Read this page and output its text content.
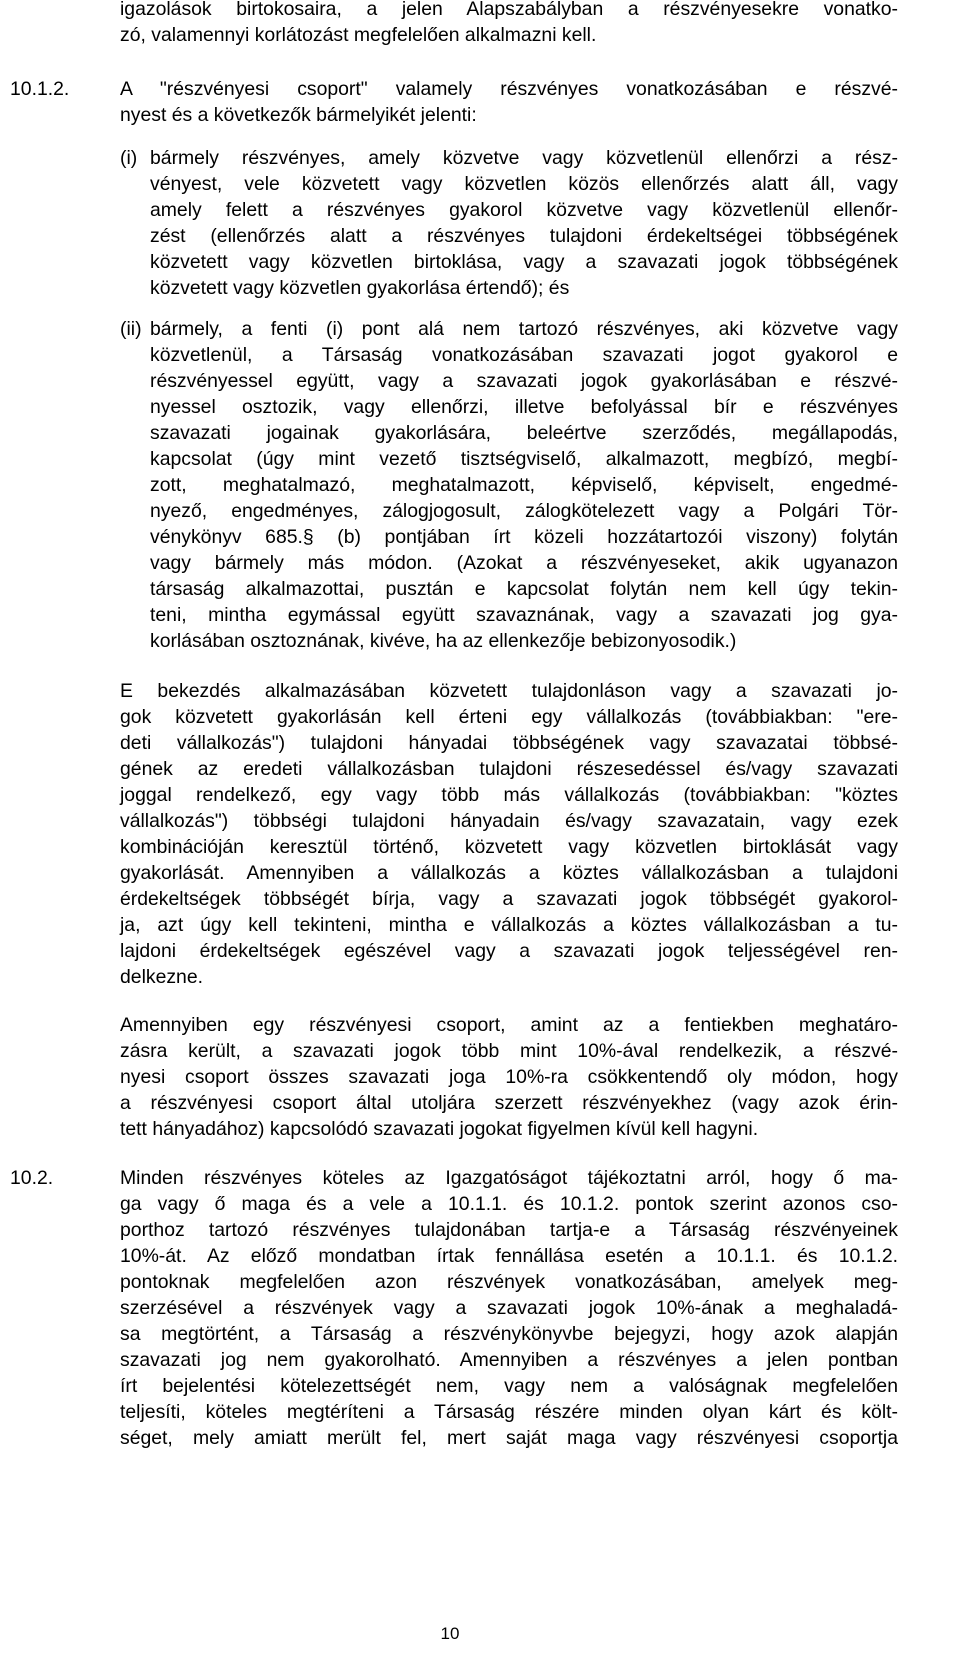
igazolások birtokosaira, a jelen Alapszabályban a részvényesekre vonatko-

zó, valamennyi korlátozást megfelelően alkalmazni kell.

10.1.2.	A "részvényesi csoport" valamely részvényes vonatkozásában e részvé-

nyest és a következők bármelyikét jelenti:

(i) bármely részvényes, amely közvetve vagy közvetlenül ellenőrzi a rész-

vényest, vele közvetett vagy közvetlen közös ellenőrzés alatt áll, vagy

amely felett a részvényes gyakorol közvetve vagy közvetlenül ellenőr-

zést (ellenőrzés alatt a részvényes tulajdoni érdekeltségei többségének

közvetett vagy közvetlen birtoklása, vagy a szavazati jogok többségének

közvetett vagy közvetlen gyakorlása értendő); és

(ii) bármely, a fenti (i) pont alá nem tartozó részvényes, aki közvetve vagy

közvetlenül, a Társaság vonatkozásában szavazati jogot gyakorol e

részvényessel együtt, vagy a szavazati jogok gyakorlásában e részvé-

nyessel osztozik, vagy ellenőrzi, illetve befolyással bír e részvényes

szavazati jogainak gyakorlására, beleértve szerződés, megállapodás,

kapcsolat (úgy mint vezető tisztségviselő, alkalmazott, megbízó, megbí-

zott, meghatalmazó, meghatalmazott, képviselő, képviselt, engedmé-

nyező, engedményes, zálogjogosult, zálogkötelezett vagy a Polgári Tör-

vénykönyv 685.§ (b) pontjában írt közeli hozzátartozói viszony) folytán

vagy bármely más módon. (Azokat a részvényeseket, akik ugyanazon

társaság alkalmazottai, pusztán e kapcsolat folytán nem kell úgy tekin-

teni, mintha egymással együtt szavaznának, vagy a szavazati jog gya-

korlásában osztoznának, kivéve, ha az ellenkezője bebizonyosodik.)

E bekezdés alkalmazásában közvetett tulajdonláson vagy a szavazati jo-

gok közvetett gyakorlásán kell érteni egy vállalkozás (továbbiakban: "ere-

deti vállalkozás") tulajdoni hányadai többségének vagy szavazatai többsé-

gének az eredeti vállalkozásban tulajdoni részesedéssel és/vagy szavazati

joggal rendelkező, egy vagy több más vállalkozás (továbbiakban: "köztes

vállalkozás") többségi tulajdoni hányadain és/vagy szavazatain, vagy ezek

kombinációján keresztül történő, közvetett vagy közvetlen birtoklását vagy

gyakorlását. Amennyiben a vállalkozás a köztes vállalkozásban a tulajdoni

érdekeltségek többségét bírja, vagy a szavazati jogok többségét gyakorol-

ja, azt úgy kell tekinteni, mintha e vállalkozás a köztes vállalkozásban a tu-

lajdoni érdekeltségek egészével vagy a szavazati jogok teljességével ren-

delkezne.

Amennyiben egy részvényesi csoport, amint az a fentiekben meghatáro-

zásra került, a szavazati jogok több mint 10%-ával rendelkezik, a részvé-

nyesi csoport összes szavazati joga 10%-ra csökkentendő oly módon, hogy

a részvényesi csoport által utoljára szerzett részvényekhez (vagy azok érin-

tett hányadához) kapcsolódó szavazati jogokat figyelmen kívül kell hagyni.

10.2.	Minden részvényes köteles az Igazgatóságot tájékoztatni arról, hogy ő ma-

ga vagy ő maga és a vele a 10.1.1. és 10.1.2. pontok szerint azonos cso-

porthoz tartozó részvényes tulajdonában tartja-e a Társaság részvényeinek

10%-át. Az előző mondatban írtak fennállása esetén a 10.1.1. és 10.1.2.

pontoknak megfelelően azon részvények vonatkozásában, amelyek meg-

szerzésével a részvények vagy a szavazati jogok 10%-ának a meghaladá-

sa megtörtént, a Társaság a részvénykönyvbe bejegyzi, hogy azok alapján

szavazati jog nem gyakorolható. Amennyiben a részvényes a jelen pontban

írt bejelentési kötelezettségét nem, vagy nem a valóságnak megfelelően

teljesíti, köteles megtéríteni a Társaság részére minden olyan kárt és költ-

séget, mely amiatt merült fel, mert saját maga vagy részvényesi csoportja

10
